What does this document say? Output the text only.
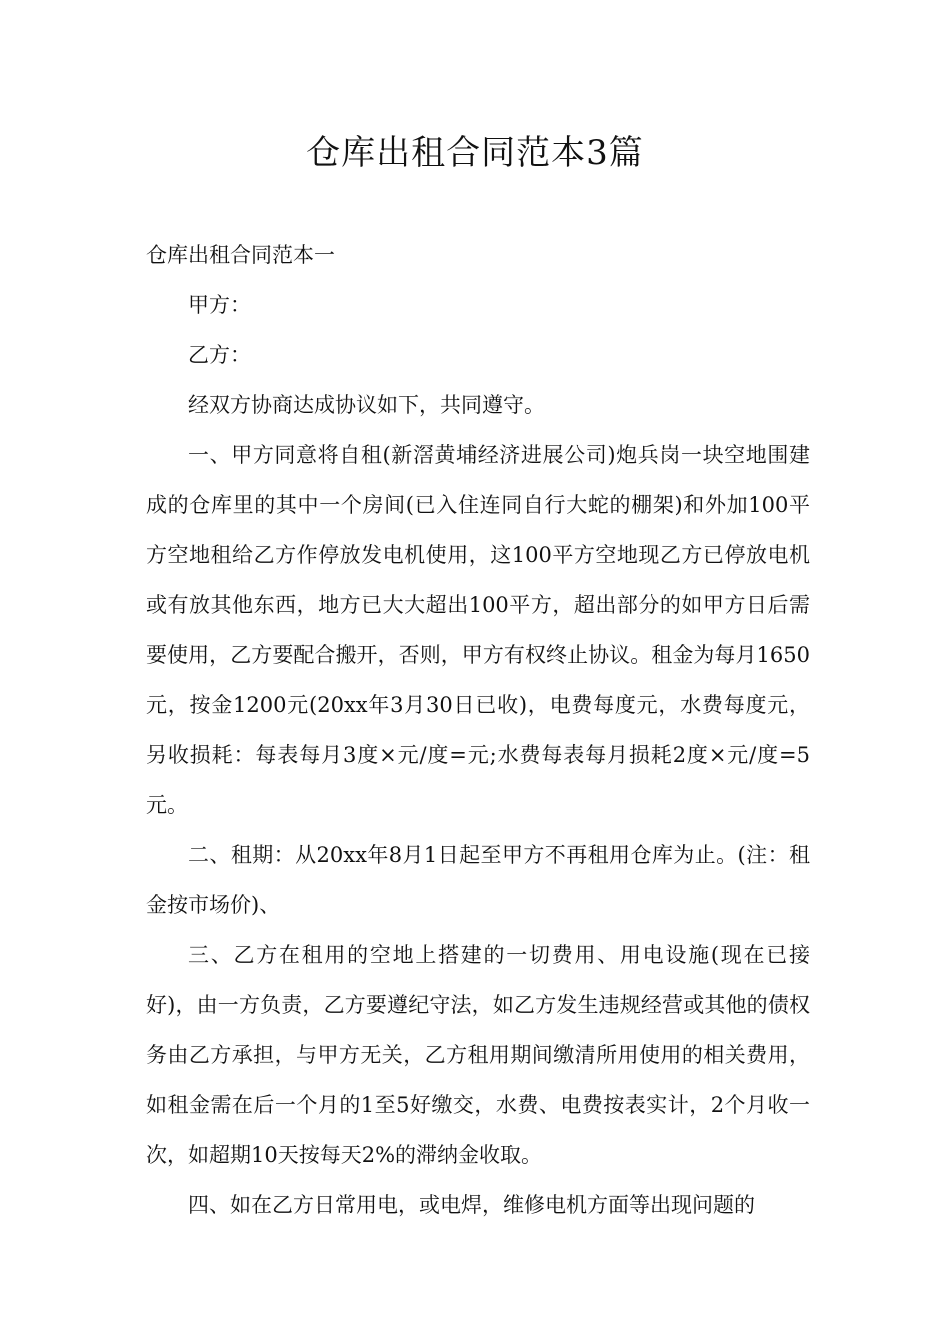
仓库出租合同范本3篇

仓库出租合同范本一

甲方：

乙方：

经双方协商达成协议如下，共同遵守。

一、甲方同意将自租(新滘黄埔经济进展公司)炮兵岗一块空地围建成的仓库里的其中一个房间(已入住连同自行大蛇的棚架)和外加100平方空地租给乙方作停放发电机使用，这100平方空地现乙方已停放电机或有放其他东西，地方已大大超出100平方，超出部分的如甲方日后需要使用，乙方要配合搬开，否则，甲方有权终止协议。租金为每月1650元，按金1200元(20xx年3月30日已收)，电费每度元，水费每度元，另收损耗：每表每月3度×元/度=元;水费每表每月损耗2度×元/度=5元。

二、租期：从20xx年8月1日起至甲方不再租用仓库为止。(注：租金按市场价)、

三、乙方在租用的空地上搭建的一切费用、用电设施(现在已接好)，由一方负责，乙方要遵纪守法，如乙方发生违规经营或其他的债权务由乙方承担，与甲方无关，乙方租用期间缴清所用使用的相关费用，如租金需在后一个月的1至5好缴交，水费、电费按表实计，2个月收一次，如超期10天按每天2%的滞纳金收取。

四、如在乙方日常用电，或电焊，维修电机方面等出现问题的
